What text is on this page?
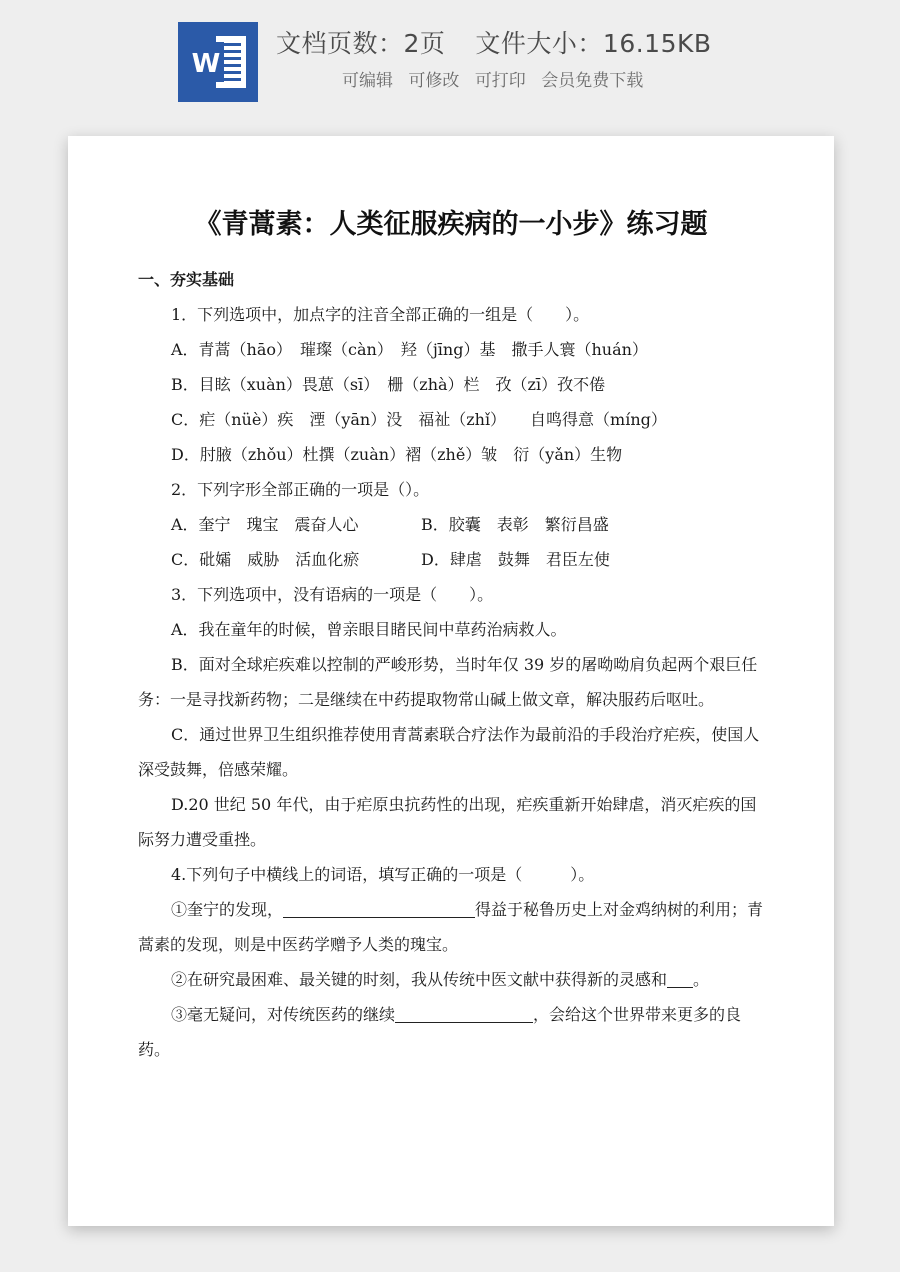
W
文档页数：2页 文件大小：16.15KB
可编辑 可修改 可打印 会员免费下载
《青蒿素：人类征服疾病的一小步》练习题
一、夯实基础
1．下列选项中，加点字的注音全部正确的一组是（　　）。
A．青蒿（hāo）　璀璨（càn）　羟（jīng）基　撒手人寰（huán）
B．目眩（xuàn）畏葸（sī）　栅（zhà）栏　孜（zī）孜不倦
C．疟（nüè）疾　湮（yān）没　福祉（zhǐ）　　自鸣得意（míng）
D．肘腋（zhǒu）杜撰（zuàn）褶（zhě）皱　衍（yǎn）生物
2．下列字形全部正确的一项是（）。
A．奎宁　瑰宝　震奋人心	B．胶囊　表彰　繁衍昌盛
C．砒孀　威胁　活血化瘀	D．肆虐　鼓舞　君臣左使
3．下列选项中，没有语病的一项是（　　）。
A．我在童年的时候，曾亲眼目睹民间中草药治病救人。
B．面对全球疟疾难以控制的严峻形势，当时年仅 39 岁的屠呦呦肩负起两个艰巨任务：一是寻找新药物；二是继续在中药提取物常山碱上做文章，解决服药后呕吐。
C．通过世界卫生组织推荐使用青蒿素联合疗法作为最前沿的手段治疗疟疾，使国人深受鼓舞，倍感荣耀。
D.20 世纪 50 年代，由于疟原虫抗药性的出现，疟疾重新开始肆虐，消灭疟疾的国际努力遭受重挫。
4.下列句子中横线上的词语，填写正确的一项是（　　　）。
①奎宁的发现，	得益于秘鲁历史上对金鸡纳树的利用；青蒿素的发现，则是中医药学赠予人类的瑰宝。
②在研究最困难、最关键的时刻，我从传统中医文献中获得新的灵感和 。
③毫无疑问，对传统医药的继续	，会给这个世界带来更多的良药。
